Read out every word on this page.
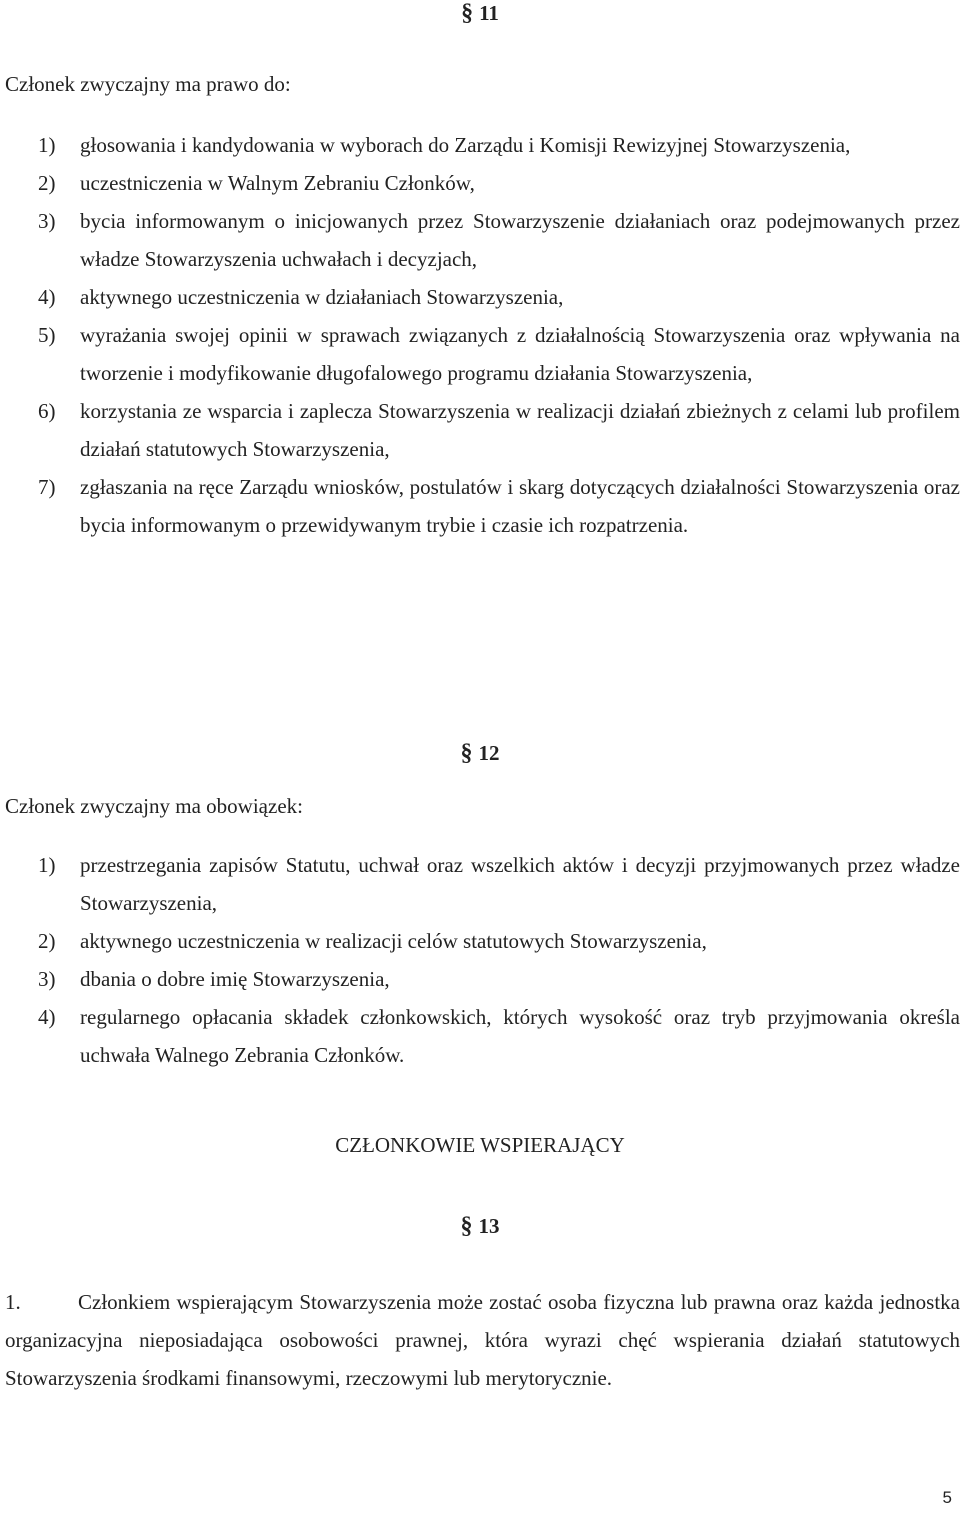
§ 11
Członek zwyczajny ma prawo do:
1) głosowania i kandydowania w wyborach do Zarządu i Komisji Rewizyjnej Stowarzyszenia,
2) uczestniczenia w Walnym Zebraniu Członków,
3) bycia informowanym o inicjowanych przez Stowarzyszenie działaniach oraz podejmowanych przez władze Stowarzyszenia uchwałach i decyzjach,
4) aktywnego uczestniczenia w działaniach Stowarzyszenia,
5) wyrażania swojej opinii w sprawach związanych z działalnością Stowarzyszenia oraz wpływania na tworzenie i modyfikowanie długofalowego programu działania Stowarzyszenia,
6) korzystania ze wsparcia i zaplecza Stowarzyszenia w realizacji działań zbieżnych z celami lub profilem działań statutowych Stowarzyszenia,
7) zgłaszania na ręce Zarządu wniosków, postulatów i skarg dotyczących działalności Stowarzyszenia oraz bycia informowanym o przewidywanym trybie i czasie ich rozpatrzenia.
§ 12
Członek zwyczajny ma obowiązek:
1) przestrzegania zapisów Statutu, uchwał oraz wszelkich aktów i decyzji przyjmowanych przez władze Stowarzyszenia,
2) aktywnego uczestniczenia w realizacji celów statutowych Stowarzyszenia,
3) dbania o dobre imię Stowarzyszenia,
4) regularnego opłacania składek członkowskich, których wysokość oraz tryb przyjmowania określa uchwała Walnego Zebrania Członków.
CZŁONKOWIE WSPIERAJĄCY
§ 13

1.	Członkiem wspierającym Stowarzyszenia może zostać osoba fizyczna lub prawna oraz każda jednostka organizacyjna nieposiadająca osobowości prawnej, która wyrazi chęć wspierania działań statutowych Stowarzyszenia środkami finansowymi, rzeczowymi lub merytorycznie.

5
